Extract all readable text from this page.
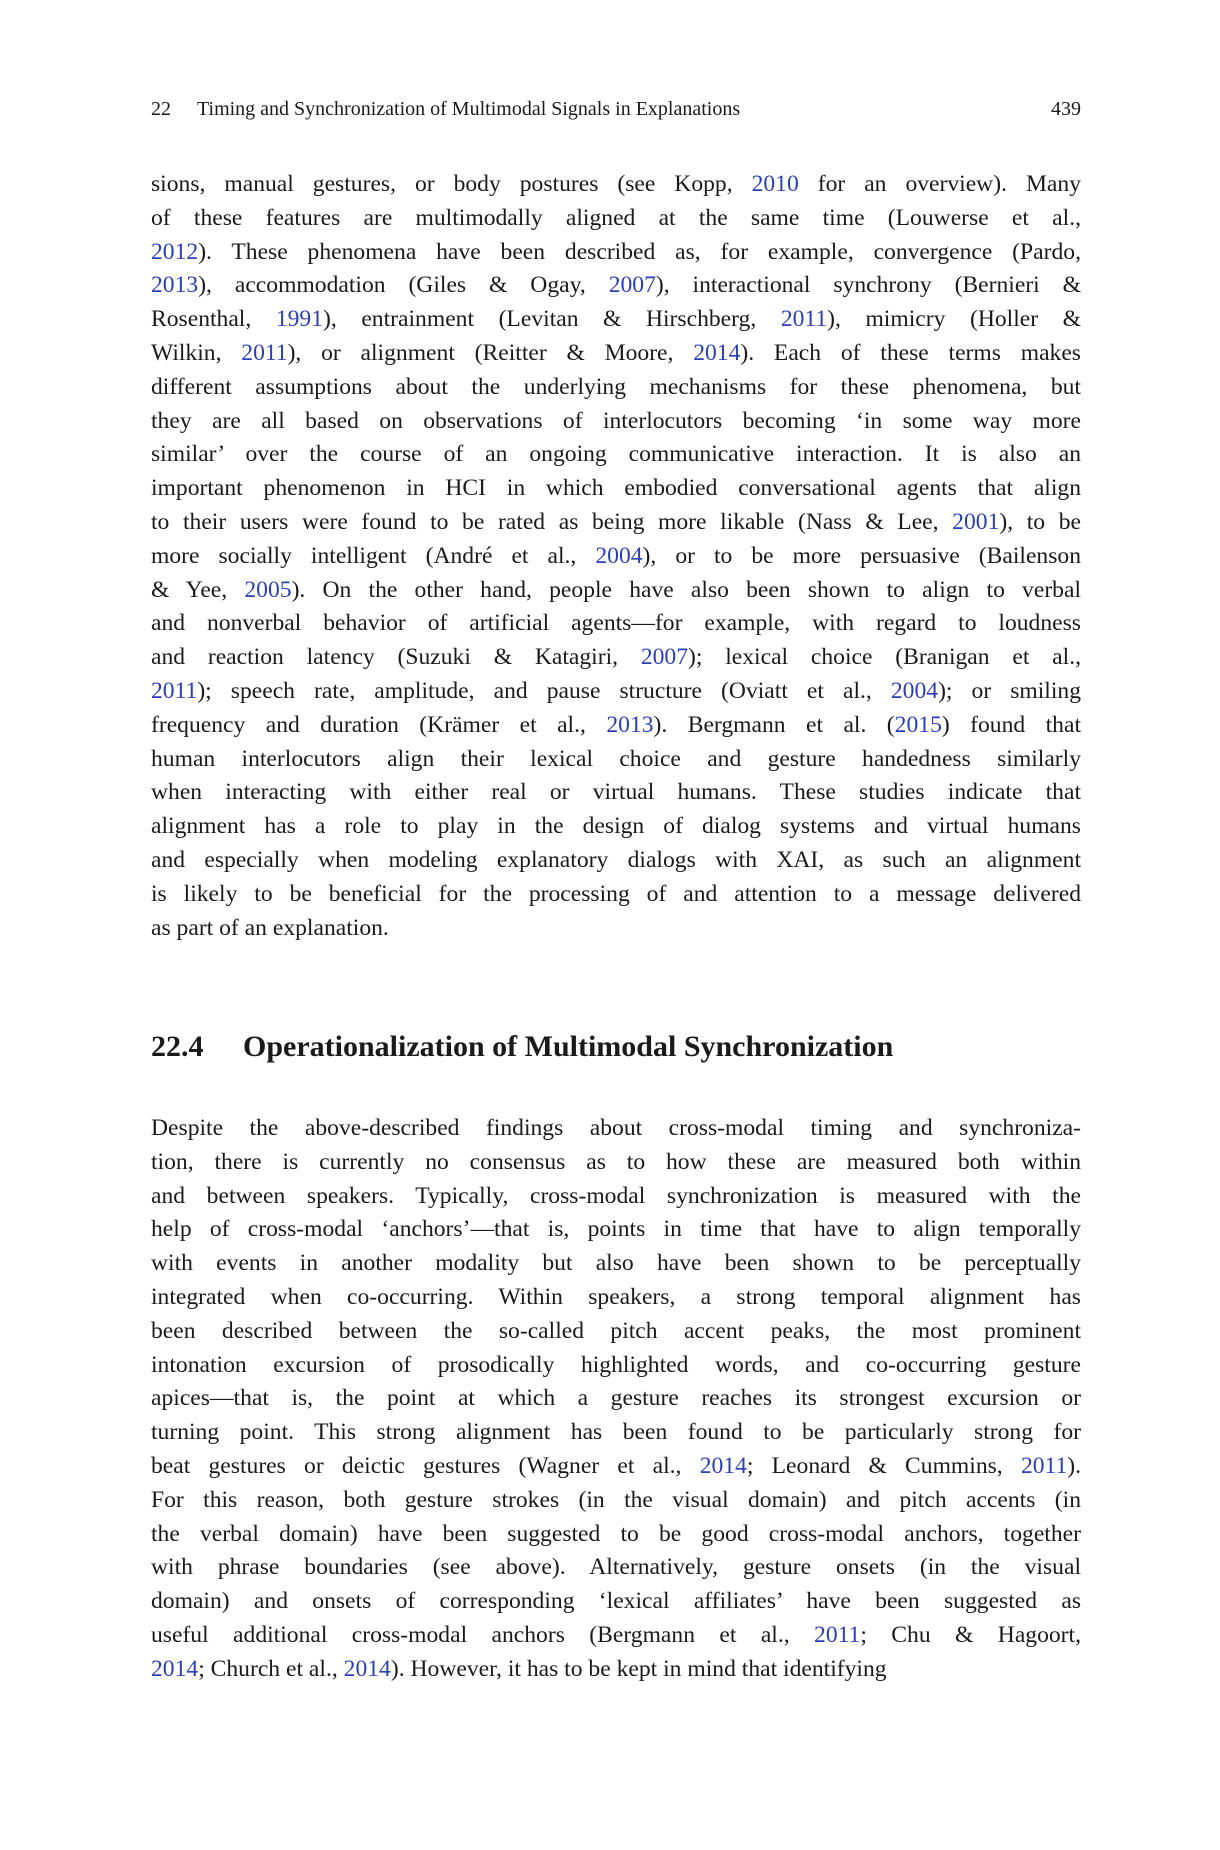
22 Timing and Synchronization of Multimodal Signals in Explanations	439
sions, manual gestures, or body postures (see Kopp, 2010 for an overview). Many
of these features are multimodally aligned at the same time (Louwerse et al.,
2012). These phenomena have been described as, for example, convergence (Pardo,
2013), accommodation (Giles & Ogay, 2007), interactional synchrony (Bernieri &
Rosenthal, 1991), entrainment (Levitan & Hirschberg, 2011), mimicry (Holler &
Wilkin, 2011), or alignment (Reitter & Moore, 2014). Each of these terms makes
different assumptions about the underlying mechanisms for these phenomena, but
they are all based on observations of interlocutors becoming ‘in some way more
similar’ over the course of an ongoing communicative interaction. It is also an
important phenomenon in HCI in which embodied conversational agents that align
to their users were found to be rated as being more likable (Nass & Lee, 2001), to be
more socially intelligent (André et al., 2004), or to be more persuasive (Bailenson
& Yee, 2005). On the other hand, people have also been shown to align to verbal
and nonverbal behavior of artificial agents—for example, with regard to loudness
and reaction latency (Suzuki & Katagiri, 2007); lexical choice (Branigan et al.,
2011); speech rate, amplitude, and pause structure (Oviatt et al., 2004); or smiling
frequency and duration (Krämer et al., 2013). Bergmann et al. (2015) found that
human interlocutors align their lexical choice and gesture handedness similarly
when interacting with either real or virtual humans. These studies indicate that
alignment has a role to play in the design of dialog systems and virtual humans
and especially when modeling explanatory dialogs with XAI, as such an alignment
is likely to be beneficial for the processing of and attention to a message delivered
as part of an explanation.
22.4 Operationalization of Multimodal Synchronization
Despite the above-described findings about cross-modal timing and synchroniza-
tion, there is currently no consensus as to how these are measured both within
and between speakers. Typically, cross-modal synchronization is measured with the
help of cross-modal ‘anchors’—that is, points in time that have to align temporally
with events in another modality but also have been shown to be perceptually
integrated when co-occurring. Within speakers, a strong temporal alignment has
been described between the so-called pitch accent peaks, the most prominent
intonation excursion of prosodically highlighted words, and co-occurring gesture
apices—that is, the point at which a gesture reaches its strongest excursion or
turning point. This strong alignment has been found to be particularly strong for
beat gestures or deictic gestures (Wagner et al., 2014; Leonard & Cummins, 2011).
For this reason, both gesture strokes (in the visual domain) and pitch accents (in
the verbal domain) have been suggested to be good cross-modal anchors, together
with phrase boundaries (see above). Alternatively, gesture onsets (in the visual
domain) and onsets of corresponding ‘lexical affiliates’ have been suggested as
useful additional cross-modal anchors (Bergmann et al., 2011; Chu & Hagoort,
2014; Church et al., 2014). However, it has to be kept in mind that identifying
